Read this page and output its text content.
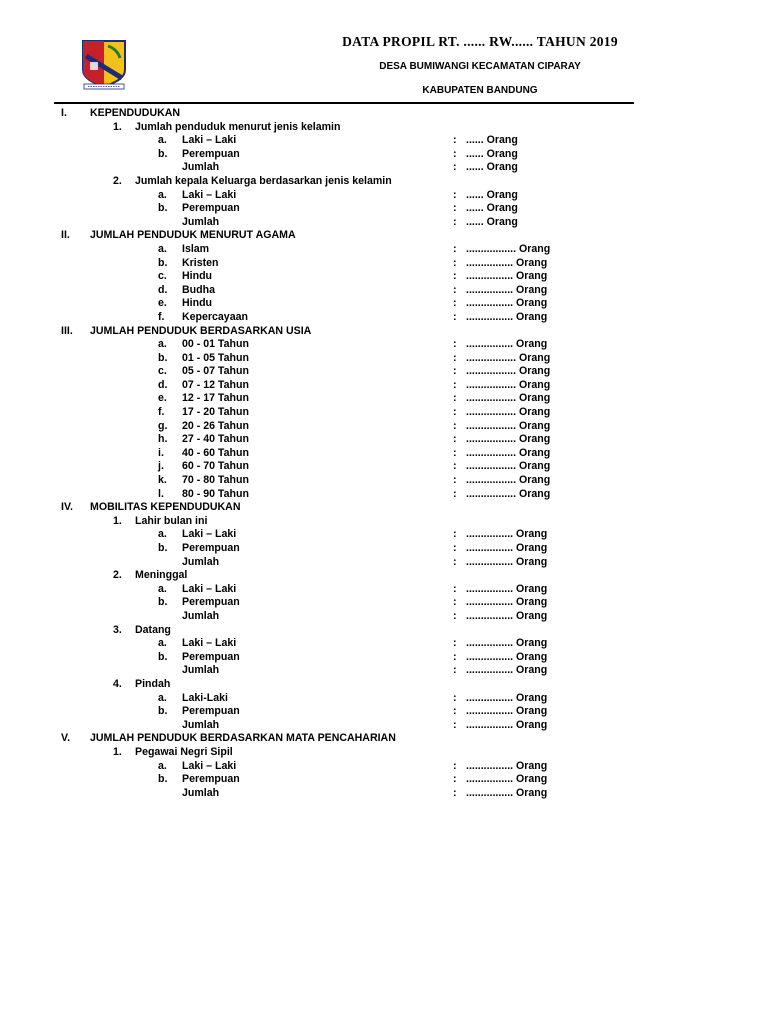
DATA PROPIL RT. ...... RW...... TAHUN 2019
DESA BUMIWANGI KECAMATAN CIPARAY
KABUPATEN BANDUNG
I. KEPENDUDUKAN
1. Jumlah penduduk menurut jenis kelamin
a. Laki – Laki	: ...... Orang
b. Perempuan	: ...... Orang
Jumlah	: ...... Orang
2. Jumlah kepala Keluarga berdasarkan jenis kelamin
a. Laki – Laki	: ...... Orang
b. Perempuan	: ...... Orang
Jumlah	: ...... Orang
II. JUMLAH PENDUDUK MENURUT AGAMA
a. Islam	: ................. Orang
b. Kristen	: ................ Orang
c. Hindu	: ................ Orang
d. Budha	: ................ Orang
e. Hindu	: ................ Orang
f. Kepercayaan	: ................ Orang
III. JUMLAH PENDUDUK BERDASARKAN USIA
a. 00 - 01 Tahun	: ................ Orang
b. 01 - 05 Tahun	: ................. Orang
c. 05 - 07 Tahun	: ................. Orang
d. 07 - 12 Tahun	: ................. Orang
e. 12 - 17 Tahun	: ................. Orang
f. 17 - 20 Tahun	: ................. Orang
g. 20 - 26 Tahun	: ................. Orang
h. 27 - 40 Tahun	: ................. Orang
i. 40 - 60 Tahun	: ................. Orang
j. 60 - 70 Tahun	: ................. Orang
k. 70 - 80 Tahun	: ................. Orang
l. 80 - 90 Tahun	: ................. Orang
IV. MOBILITAS KEPENDUDUKAN
1. Lahir bulan ini
a. Laki – Laki	: ................ Orang
b. Perempuan	: ................ Orang
Jumlah	: ................ Orang
2. Meninggal
a. Laki – Laki	: ................ Orang
b. Perempuan	: ................ Orang
Jumlah	: ................ Orang
3. Datang
a. Laki – Laki	: ................ Orang
b. Perempuan	: ................ Orang
Jumlah	: ................ Orang
4. Pindah
a. Laki-Laki	: ................ Orang
b. Perempuan	: ................ Orang
Jumlah	: ................ Orang
V. JUMLAH PENDUDUK BERDASARKAN MATA PENCAHARIAN
1. Pegawai Negri Sipil
a. Laki – Laki	: ................ Orang
b. Perempuan	: ................ Orang
Jumlah	: ................ Orang
